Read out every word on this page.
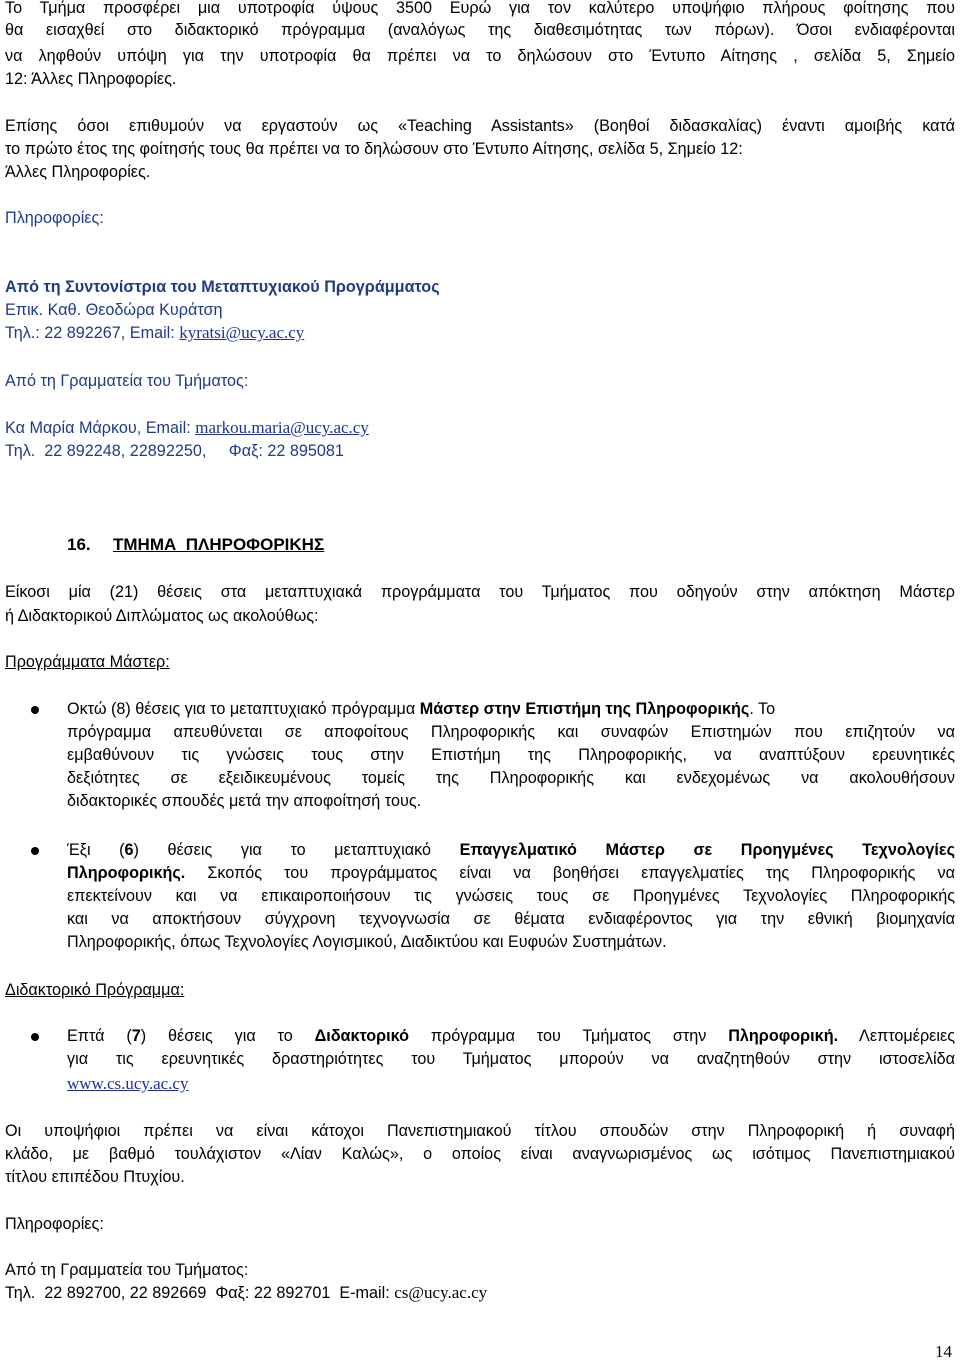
Το Τμήμα προσφέρει μια υποτροφία ύψους 3500 Ευρώ για τον καλύτερο υποψήφιο πλήρους φοίτησης που

θα εισαχθεί στο διδακτορικό πρόγραμμα (αναλόγως της διαθεσιμότητας των πόρων). Όσοι ενδιαφέρονται

να ληφθούν υπόψη για την υποτροφία θα πρέπει να το δηλώσουν στο Έντυπο Αίτησης , σελίδα 5, Σημείο

12: Άλλες Πληροφορίες.

Επίσης όσοι επιθυμούν να εργαστούν ως «Teaching Assistants» (Βοηθοί διδασκαλίας) έναντι αμοιβής κατά

το πρώτο έτος της φοίτησής τους θα πρέπει να το δηλώσουν στο Έντυπο Αίτησης, σελίδα 5, Σημείο 12:

Άλλες Πληροφορίες.

Πληροφορίες:

Από τη Συντονίστρια του Μεταπτυχιακού Προγράμματος

Επικ. Καθ. Θεοδώρα Κυράτση

Τηλ.: 22 892267, Email: kyratsi@ucy.ac.cy

Από τη Γραμματεία του Τμήματος:

Κα Μαρία Μάρκου, Email: markou.maria@ucy.ac.cy

Τηλ.  22 892248, 22892250,     Φαξ: 22 895081

16. ΤΜΗΜΑ  ΠΛΗΡΟΦΟΡΙΚΗΣ

Είκοσι μία (21) θέσεις στα μεταπτυχιακά προγράμματα του Τμήματος που οδηγούν στην απόκτηση Μάστερ

ή Διδακτορικού Διπλώματος ως ακολούθως:

Προγράμματα Μάστερ:

Οκτώ (8) θέσεις για το μεταπτυχιακό πρόγραμμα Μάστερ στην Επιστήμη της Πληροφορικής. Το

πρόγραμμα απευθύνεται σε αποφοίτους Πληροφορικής και συναφών Επιστημών που επιζητούν να

εμβαθύνουν τις γνώσεις τους στην Επιστήμη της Πληροφορικής, να αναπτύξουν ερευνητικές

δεξιότητες σε εξειδικευμένους τομείς της Πληροφορικής και ενδεχομένως να ακολουθήσουν

διδακτορικές σπουδές μετά την αποφοίτησή τους.

Έξι (6) θέσεις για το μεταπτυχιακό Επαγγελματικό Μάστερ σε Προηγμένες Τεχνολογίες

Πληροφορικής. Σκοπός του προγράμματος είναι να βοηθήσει επαγγελματίες της Πληροφορικής να

επεκτείνουν και να επικαιροποιήσουν τις γνώσεις τους σε Προηγμένες Τεχνολογίες Πληροφορικής

και να αποκτήσουν σύγχρονη τεχνογνωσία σε θέματα ενδιαφέροντος για την εθνική βιομηχανία

Πληροφορικής, όπως Τεχνολογίες Λογισμικού, Διαδικτύου και Ευφυών Συστημάτων.

Διδακτορικό Πρόγραμμα:

Επτά (7) θέσεις για το Διδακτορικό πρόγραμμα του Τμήματος στην Πληροφορική. Λεπτομέρειες

για τις ερευνητικές δραστηριότητες του Τμήματος μπορούν να αναζητηθούν στην ιστοσελίδα

www.cs.ucy.ac.cy

Οι υποψήφιοι πρέπει να είναι κάτοχοι Πανεπιστημιακού τίτλου σπουδών στην Πληροφορική ή συναφή

κλάδο, με βαθμό τουλάχιστον «Λίαν Καλώς», ο οποίος είναι αναγνωρισμένος ως ισότιμος Πανεπιστημιακού

τίτλου επιπέδου Πτυχίου.

Πληροφορίες:

Από τη Γραμματεία του Τμήματος:

Τηλ.  22 892700, 22 892669  Φαξ: 22 892701  E-mail: cs@ucy.ac.cy

14
